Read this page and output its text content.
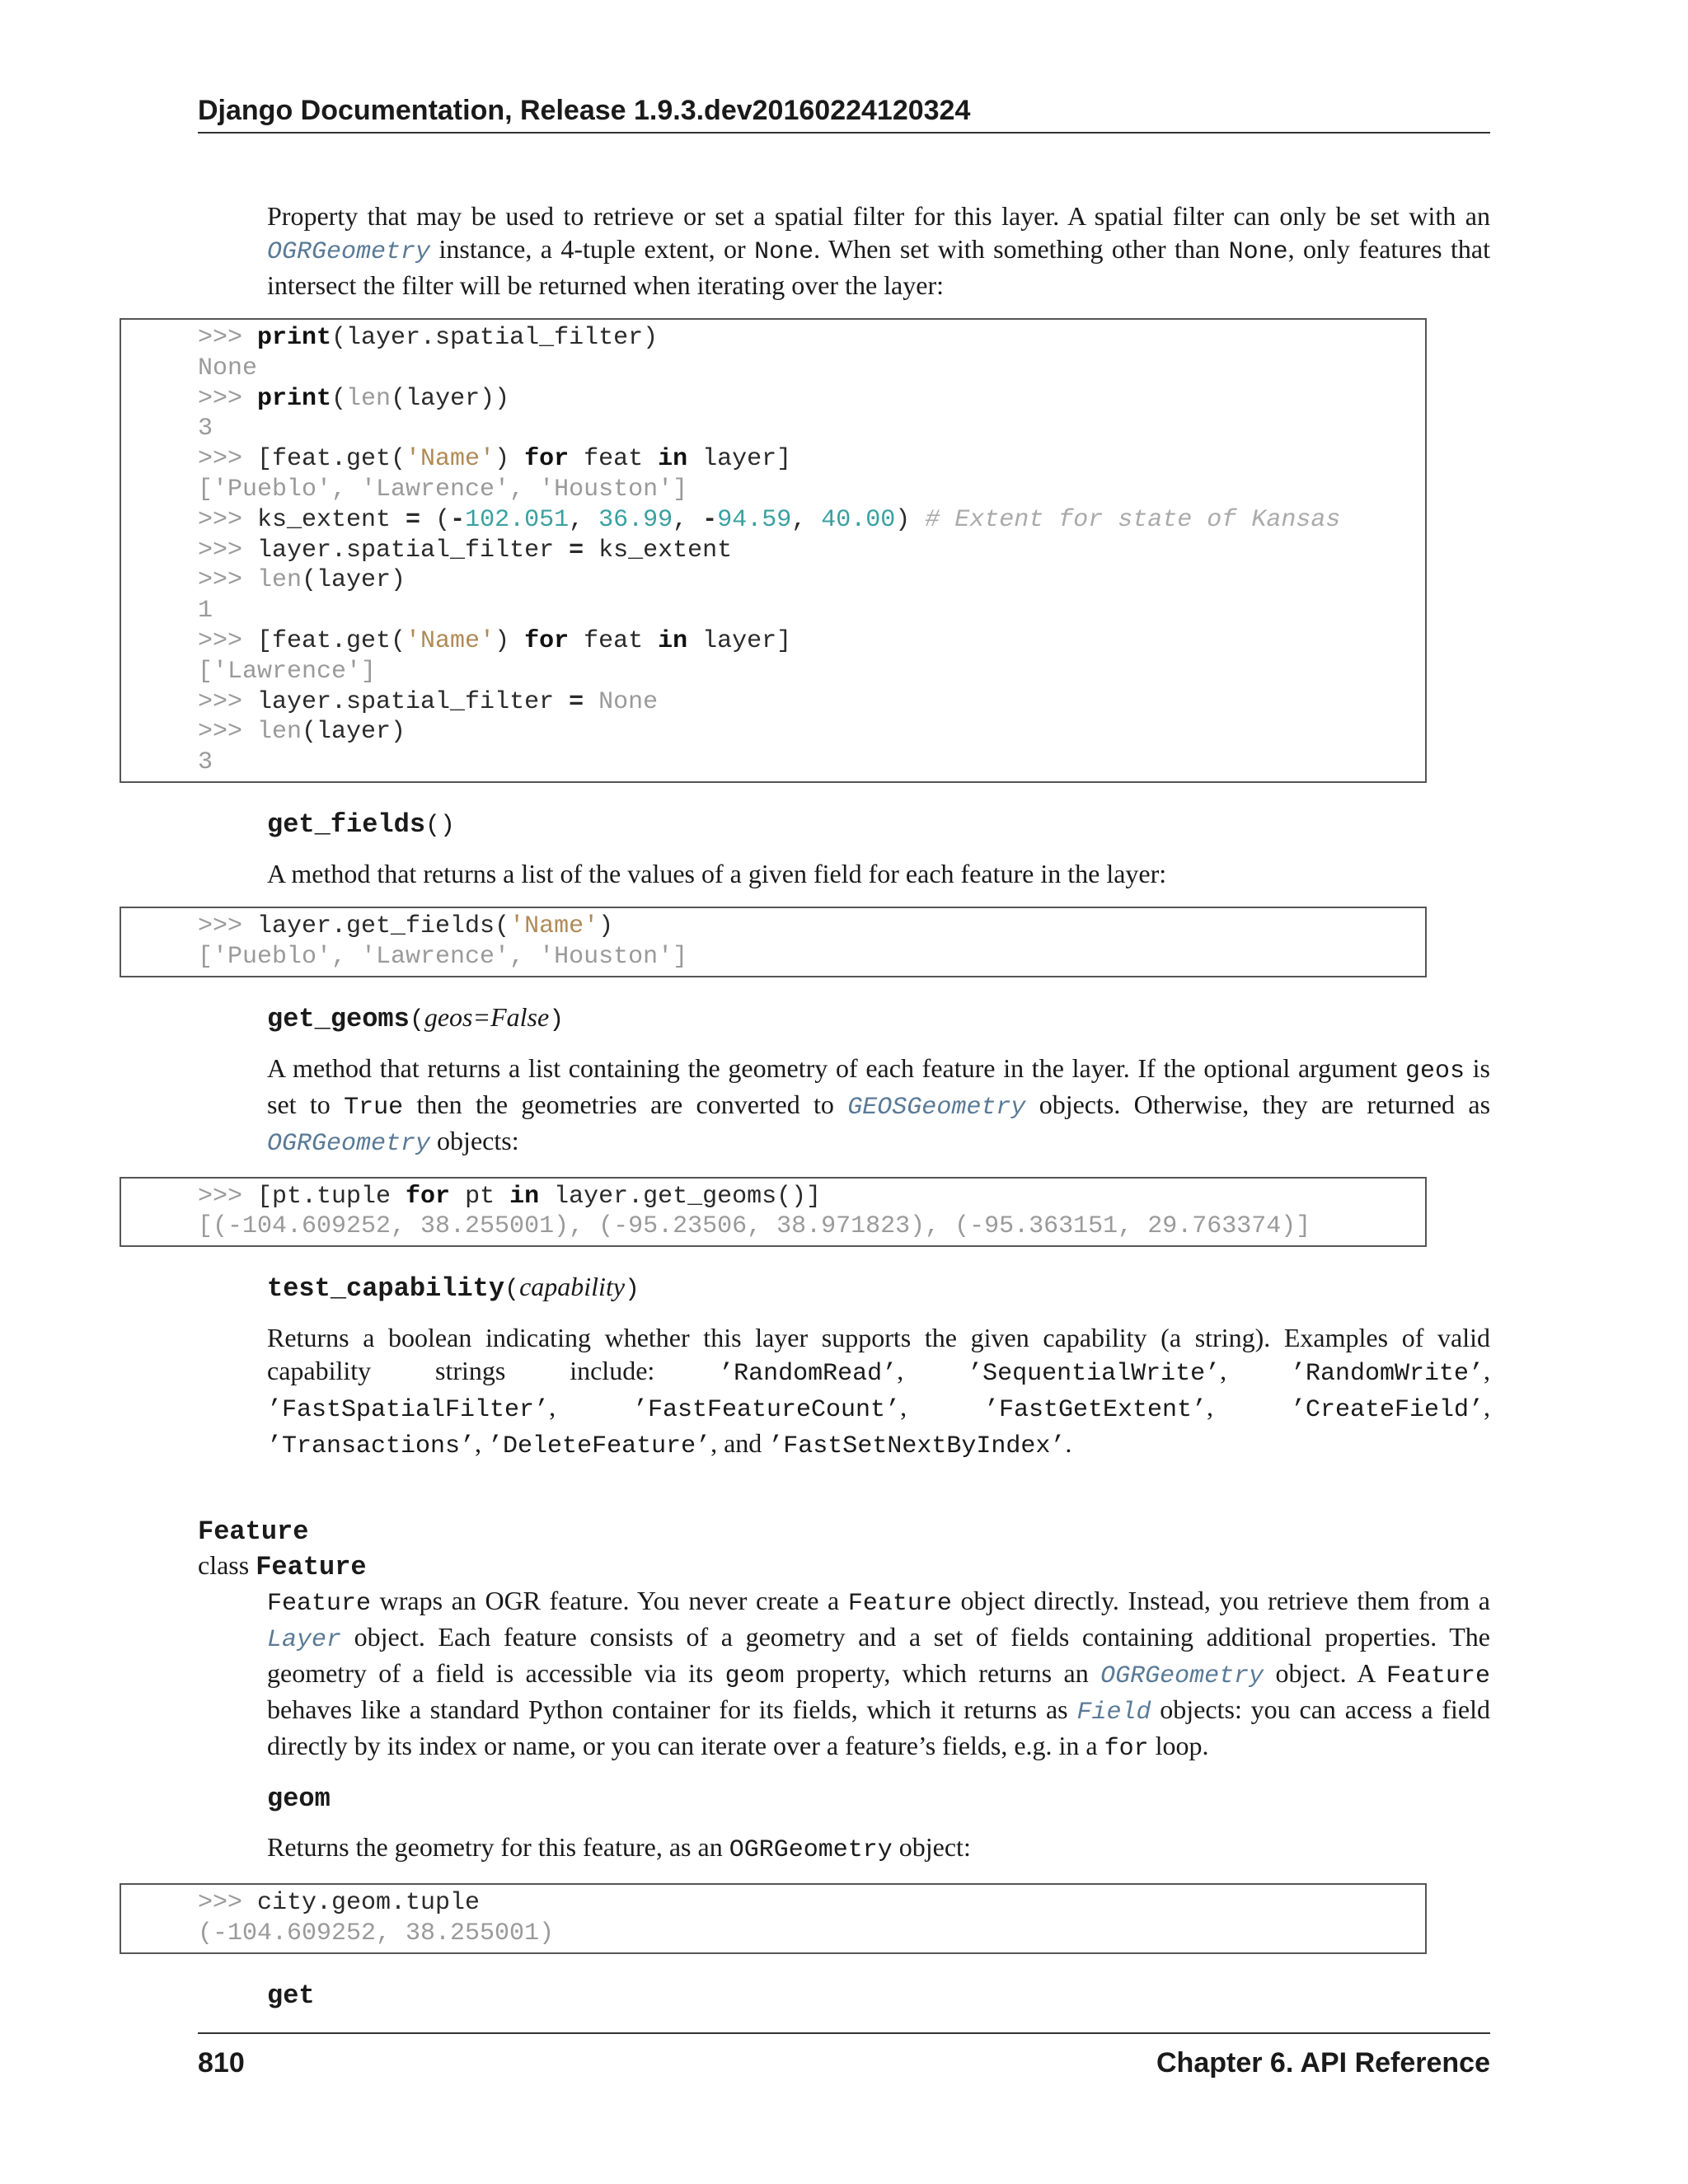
Django Documentation, Release 1.9.3.dev20160224120324

Property that may be used to retrieve or set a spatial filter for this layer. A spatial filter can only be set with an OGRGeometry instance, a 4-tuple extent, or None. When set with something other than None, only features that intersect the filter will be returned when iterating over the layer:

>>> print(layer.spatial_filter)
None
>>> print(len(layer))
3
>>> [feat.get('Name') for feat in layer]
['Pueblo', 'Lawrence', 'Houston']
>>> ks_extent = (-102.051, 36.99, -94.59, 40.00) # Extent for state of Kansas
>>> layer.spatial_filter = ks_extent
>>> len(layer)
1
>>> [feat.get('Name') for feat in layer]
['Lawrence']
>>> layer.spatial_filter = None
>>> len(layer)
3

get_fields()

A method that returns a list of the values of a given field for each feature in the layer:

>>> layer.get_fields('Name')
['Pueblo', 'Lawrence', 'Houston']

get_geoms(geos=False)

A method that returns a list containing the geometry of each feature in the layer. If the optional argument geos is set to True then the geometries are converted to GEOSGeometry objects. Otherwise, they are returned as OGRGeometry objects:

>>> [pt.tuple for pt in layer.get_geoms()]
[(-104.609252, 38.255001), (-95.23506, 38.971823), (-95.363151, 29.763374)]

test_capability(capability)

Returns a boolean indicating whether this layer supports the given capability (a string). Examples of valid capability strings include: ’RandomRead’, ’SequentialWrite’, ’RandomWrite’, ’FastSpatialFilter’, ’FastFeatureCount’, ’FastGetExtent’, ’CreateField’, ’Transactions’, ’DeleteFeature’, and ’FastSetNextByIndex’.

Feature

class Feature

Feature wraps an OGR feature. You never create a Feature object directly. Instead, you retrieve them from a Layer object. Each feature consists of a geometry and a set of fields containing additional properties. The geometry of a field is accessible via its geom property, which returns an OGRGeometry object. A Feature behaves like a standard Python container for its fields, which it returns as Field objects: you can access a field directly by its index or name, or you can iterate over a feature’s fields, e.g. in a for loop.

geom

Returns the geometry for this feature, as an OGRGeometry object:

>>> city.geom.tuple
(-104.609252, 38.255001)

get

810	Chapter 6. API Reference
